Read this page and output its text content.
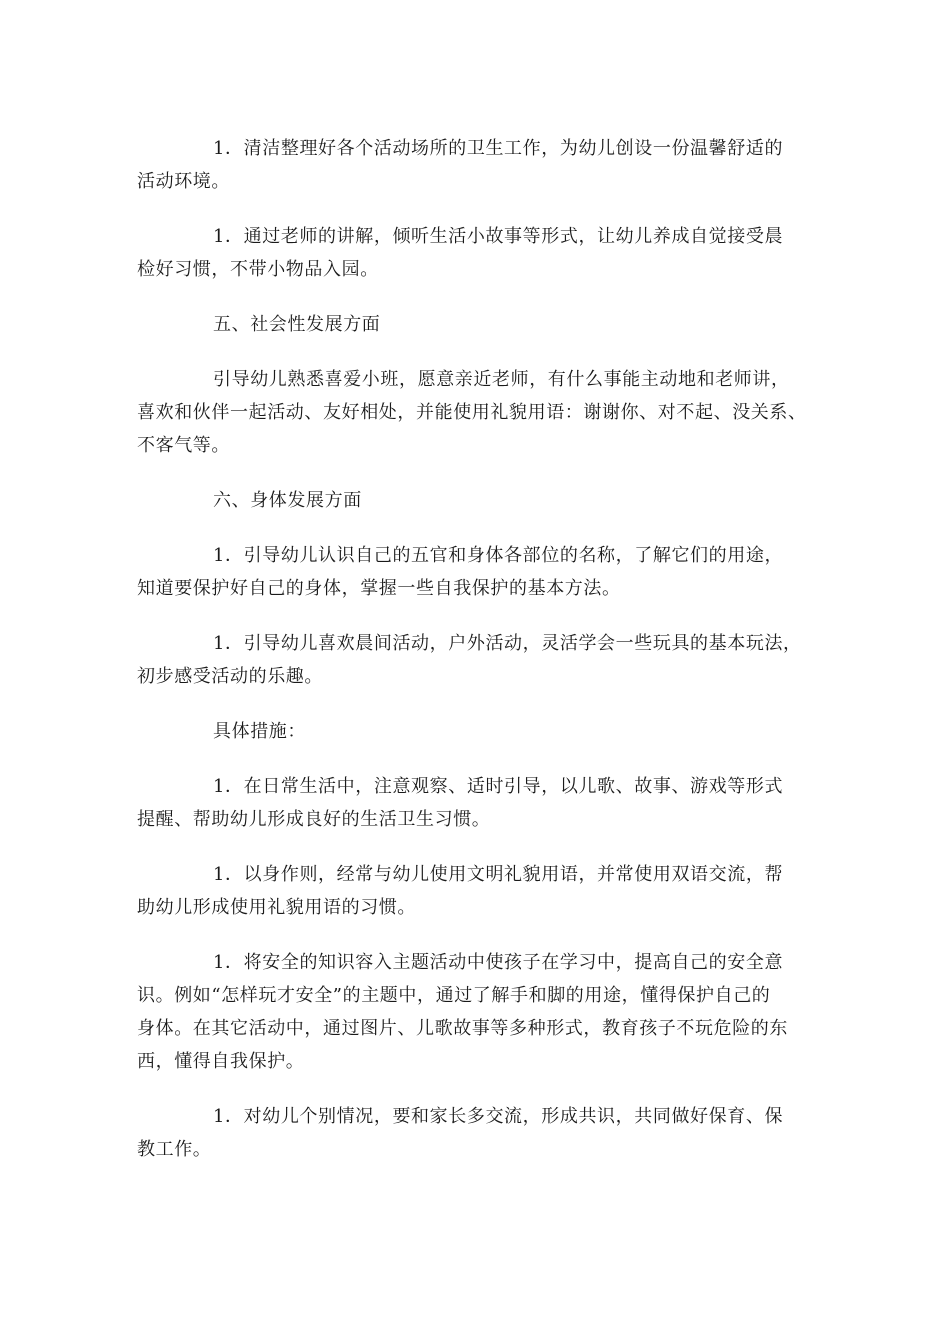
1．清洁整理好各个活动场所的卫生工作，为幼儿创设一份温馨舒适的
活动环境。

1．通过老师的讲解，倾听生活小故事等形式，让幼儿养成自觉接受晨
检好习惯，不带小物品入园。

五、社会性发展方面

引导幼儿熟悉喜爱小班，愿意亲近老师，有什么事能主动地和老师讲，
喜欢和伙伴一起活动、友好相处，并能使用礼貌用语：谢谢你、对不起、没关系、
不客气等。

六、身体发展方面

1．引导幼儿认识自己的五官和身体各部位的名称，了解它们的用途，
知道要保护好自己的身体，掌握一些自我保护的基本方法。

1．引导幼儿喜欢晨间活动，户外活动，灵活学会一些玩具的基本玩法，
初步感受活动的乐趣。

具体措施：

1．在日常生活中，注意观察、适时引导，以儿歌、故事、游戏等形式
提醒、帮助幼儿形成良好的生活卫生习惯。

1．以身作则，经常与幼儿使用文明礼貌用语，并常使用双语交流，帮
助幼儿形成使用礼貌用语的习惯。

1．将安全的知识容入主题活动中使孩子在学习中，提高自己的安全意
识。例如“怎样玩才安全”的主题中，通过了解手和脚的用途，懂得保护自己的
身体。在其它活动中，通过图片、儿歌故事等多种形式，教育孩子不玩危险的东
西，懂得自我保护。

1．对幼儿个别情况，要和家长多交流，形成共识，共同做好保育、保
教工作。
